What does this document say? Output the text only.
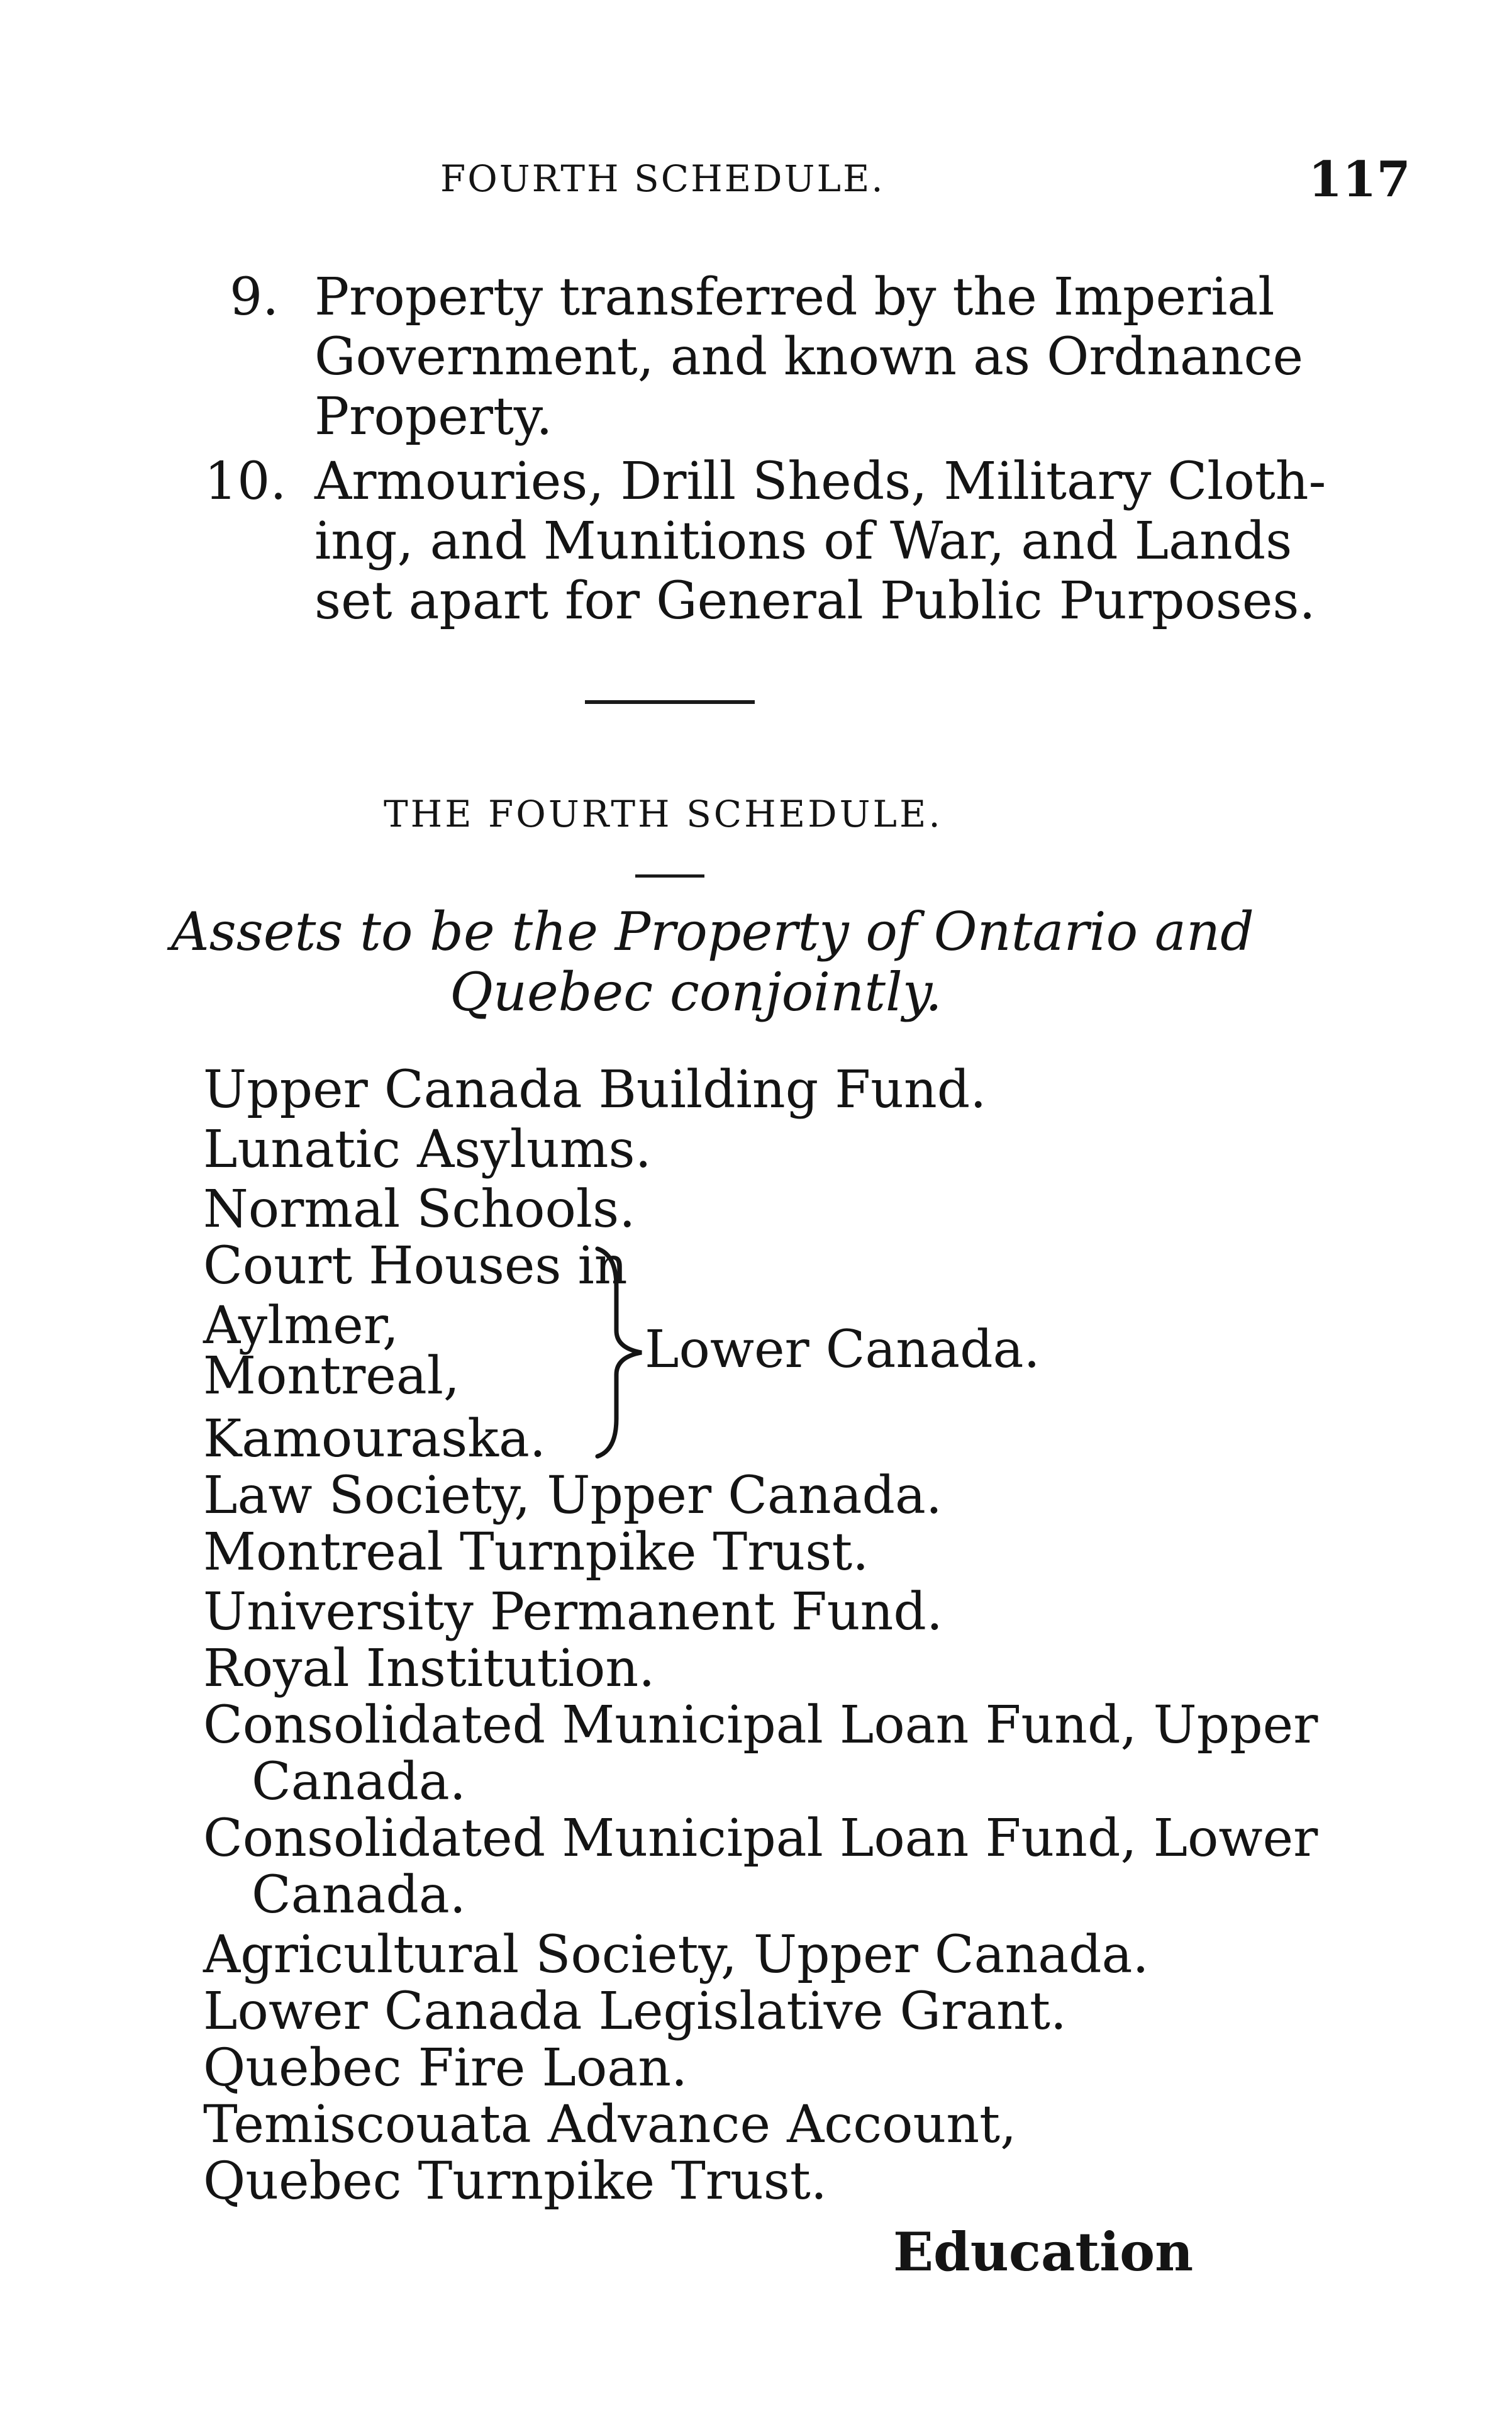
FOURTH SCHEDULE.	117
9. Property transferred by the Imperial
Government, and known as Ordnance
Property.
10. Armouries, Drill Sheds, Military Cloth-
ing, and Munitions of War, and Lands
set apart for General Public Purposes.
THE FOURTH SCHEDULE.
Assets to be the Property of Ontario and
Quebec conjointly.
Upper Canada Building Fund.
Lunatic Asylums.
Normal Schools.
Court Houses in
Aylmer,
Montreal,
Kamouraska.
Lower Canada.
Law Society, Upper Canada.
Montreal Turnpike Trust.
University Permanent Fund.
Royal Institution.
Consolidated Municipal Loan Fund, Upper
Canada.
Consolidated Municipal Loan Fund, Lower
Canada.
Agricultural Society, Upper Canada.
Lower Canada Legislative Grant.
Quebec Fire Loan.
Temiscouata Advance Account,
Quebec Turnpike Trust.
Education
